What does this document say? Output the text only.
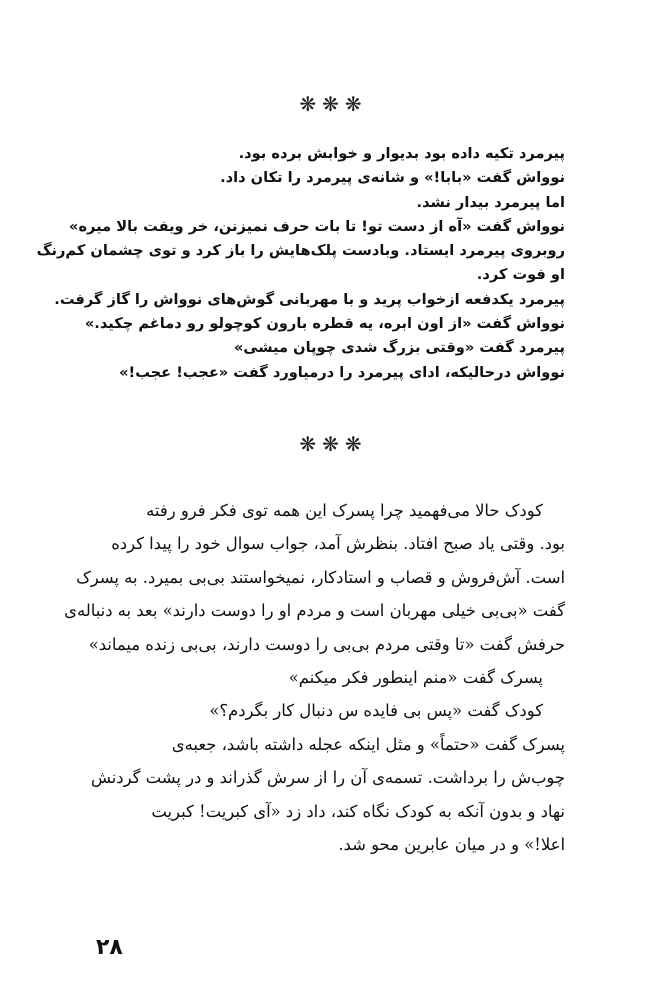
❋❋❋
پیرمرد تکیه داده بود بدیوار و خوابش برده بود.
نوواش گفت «بابا!» و شانه‌ی پیرمرد را تکان داد.
اما پیرمرد بیدار نشد.
نوواش گفت «آه از دست تو! تا بات حرف نمیزنن، خر ویفت بالا میره»
روبروی پیرمرد ایستاد. وبادست پلک‌هایش را باز کرد و توی چشمان کم‌رنگ
او فوت کرد.
پیرمرد یکدفعه ازخواب پرید و با مهربانی گوش‌های نوواش را گاز گرفت.
نوواش گفت «از اون ابره، یه قطره بارون کوچولو رو دماغم چکید.»
پیرمرد گفت «وقتی بزرگ شدی چوپان میشی»
نوواش درحالیکه، ادای پیرمرد را درمیاورد گفت «عجب! عجب!»
❋❋❋
کودک حالا می‌فهمید چرا پسرک این همه توی فکر فرو رفته
بود. وقتی یاد صبح افتاد. بنظرش آمد، جواب سوال خود را پیدا کرده
است. آش‌فروش و قصاب و استادکار، نمیخواستند بی‌بی بمیرد. به پسرک
گفت «بی‌بی خیلی مهربان است و مردم او را دوست دارند» بعد به دنباله‌ی
حرفش گفت «تا وقتی مردم بی‌بی را دوست دارند، بی‌بی زنده میماند»
پسرک گفت «منم اینطور فکر میکنم»
کودک گفت «پس بی فایده س دنبال کار بگردم؟»
پسرک گفت «حتماً» و مثل اینکه عجله داشته باشد، جعبه‌ی
چوب‌ش را برداشت. تسمه‌ی آن را از سرش گذراند و در پشت گردنش
نهاد و بدون آنکه به کودک نگاه کند، داد زد «آی کبریت! کبریت
اعلا!» و در میان عابرین محو شد.
۲۸
